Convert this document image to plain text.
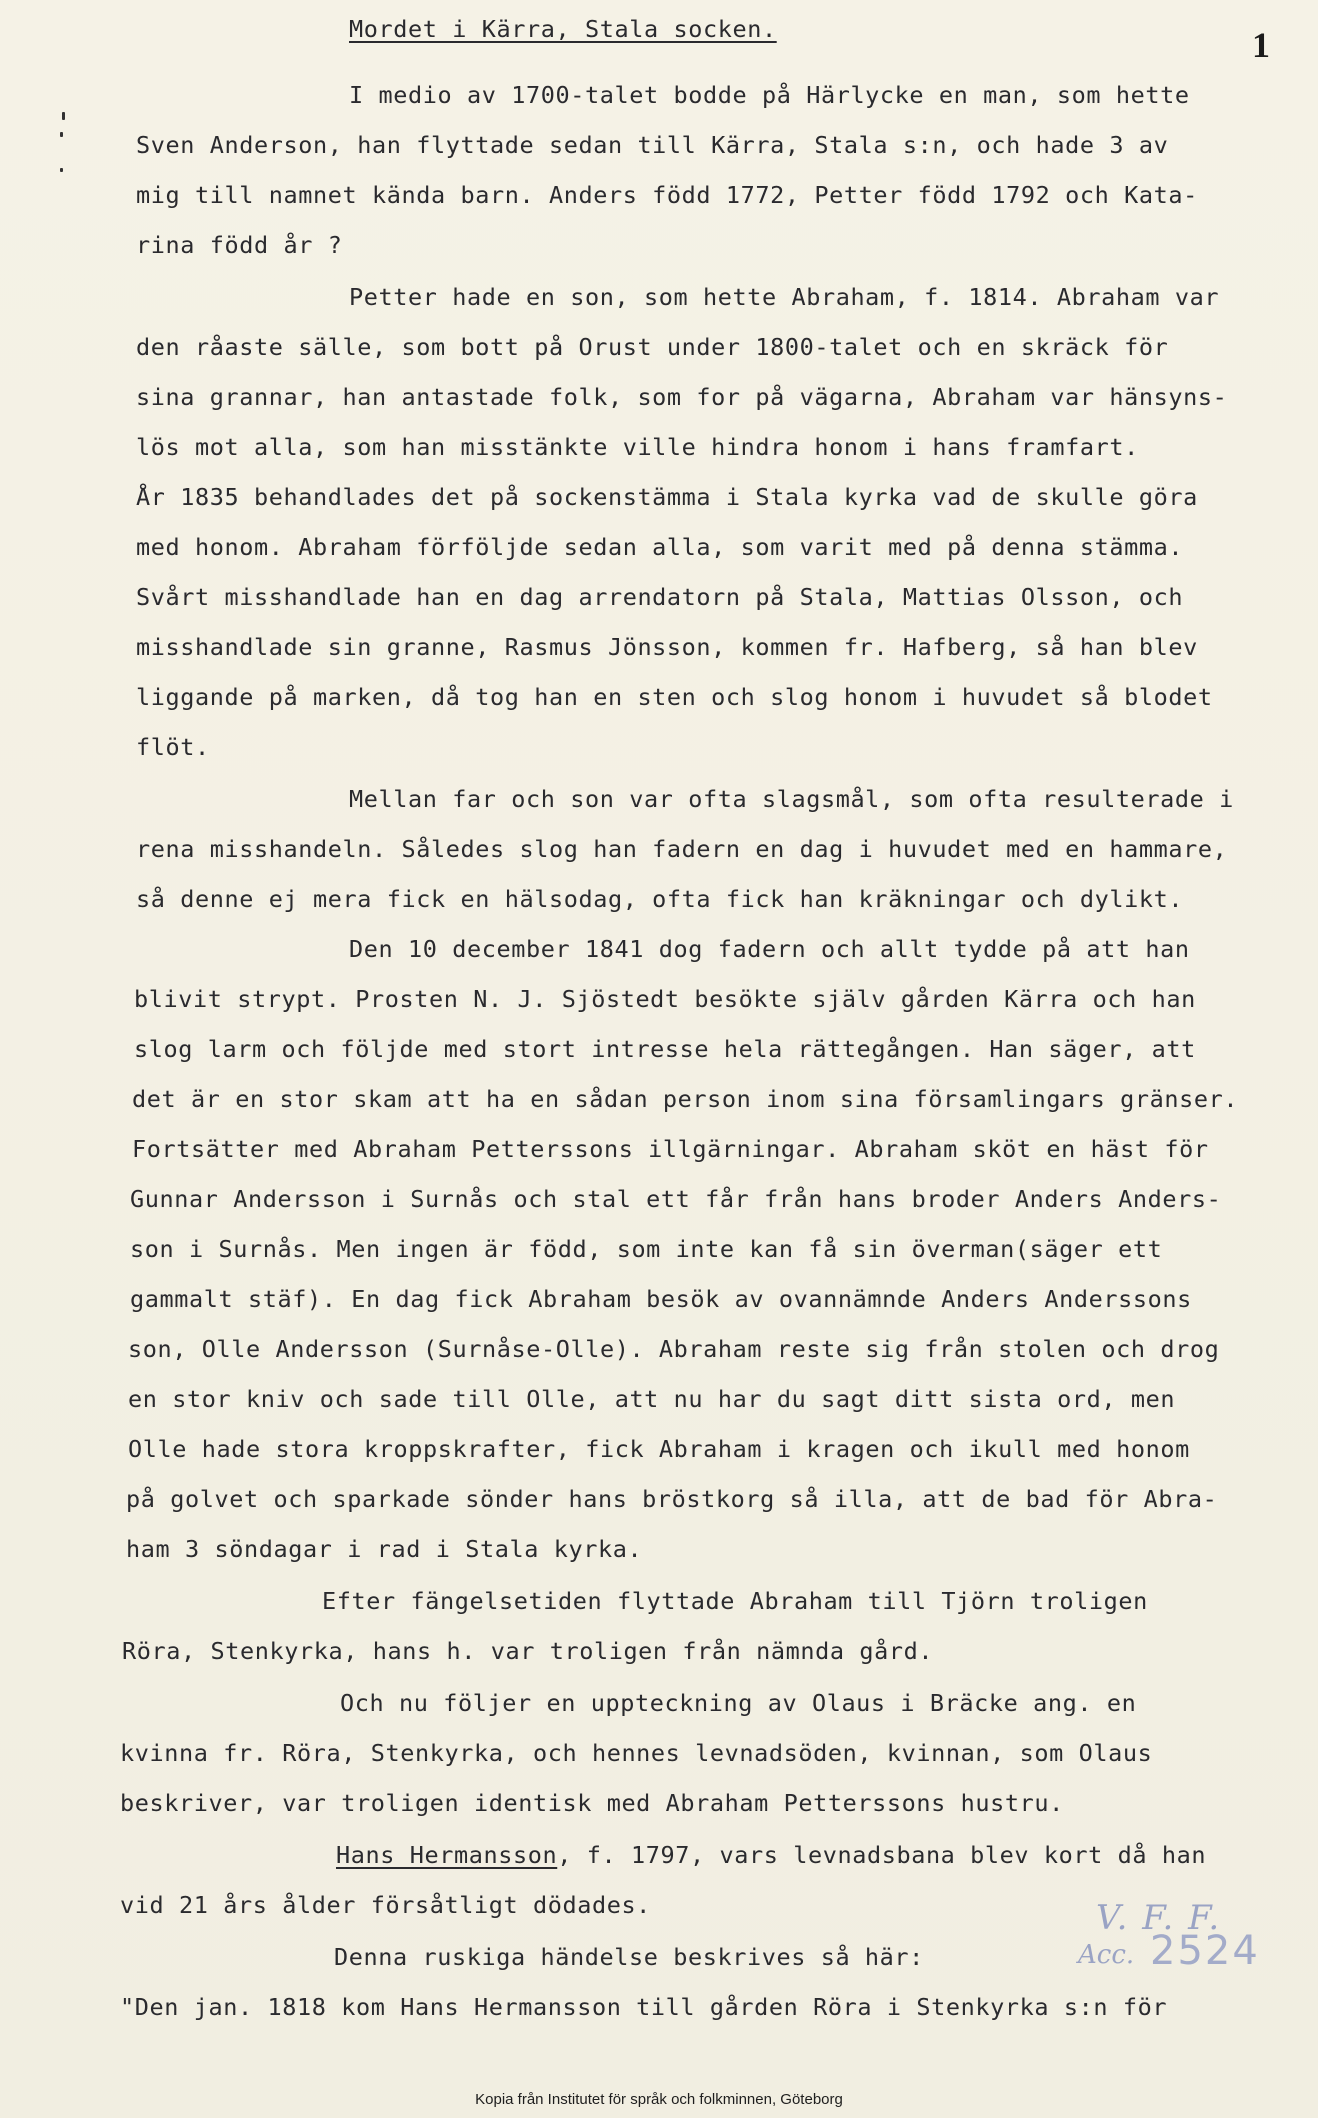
1
Mordet i Kärra, Stala socken.
I medio av 1700-talet bodde på Härlycke en man, som hette
Sven Anderson, han flyttade sedan till Kärra, Stala s:n, och hade 3 av
mig till namnet kända barn. Anders född 1772, Petter född 1792 och Kata-
rina född år ?
Petter hade en son, som hette Abraham, f. 1814. Abraham var
den råaste sälle, som bott på Orust under 1800-talet och en skräck för
sina grannar, han antastade folk, som for på vägarna, Abraham var hänsyns-
lös mot alla, som han misstänkte ville hindra honom i hans framfart.
År 1835 behandlades det på sockenstämma i Stala kyrka vad de skulle göra
med honom. Abraham förföljde sedan alla, som varit med på denna stämma.
Svårt misshandlade han en dag arrendatorn på Stala, Mattias Olsson, och
misshandlade sin granne, Rasmus Jönsson, kommen fr. Hafberg, så han blev
liggande på marken, då tog han en sten och slog honom i huvudet så blodet
flöt.
Mellan far och son var ofta slagsmål, som ofta resulterade i
rena misshandeln. Således slog han fadern en dag i huvudet med en hammare,
så denne ej mera fick en hälsodag, ofta fick han kräkningar och dylikt.
Den 10 december 1841 dog fadern och allt tydde på att han
blivit strypt. Prosten N. J. Sjöstedt besökte själv gården Kärra och han
slog larm och följde med stort intresse hela rättegången. Han säger, att
det är en stor skam att ha en sådan person inom sina församlingars gränser.
Fortsätter med Abraham Petterssons illgärningar. Abraham sköt en häst för
Gunnar Andersson i Surnås och stal ett får från hans broder Anders Anders-
son i Surnås. Men ingen är född, som inte kan få sin överman(säger ett
gammalt stäf). En dag fick Abraham besök av ovannämnde Anders Anderssons
son, Olle Andersson (Surnåse-Olle). Abraham reste sig från stolen och drog
en stor kniv och sade till Olle, att nu har du sagt ditt sista ord, men
Olle hade stora kroppskrafter, fick Abraham i kragen och ikull med honom
på golvet och sparkade sönder hans bröstkorg så illa, att de bad för Abra-
ham 3 söndagar i rad i Stala kyrka.
Efter fängelsetiden flyttade Abraham till Tjörn troligen
Röra, Stenkyrka, hans h. var troligen från nämnda gård.
Och nu följer en uppteckning av Olaus i Bräcke ang. en
kvinna fr. Röra, Stenkyrka, och hennes levnadsöden, kvinnan, som Olaus
beskriver, var troligen identisk med Abraham Petterssons hustru.
Hans Hermansson, f. 1797, vars levnadsbana blev kort då han
vid 21 års ålder försåtligt dödades.
Denna ruskiga händelse beskrives så här:
"Den jan. 1818 kom Hans Hermansson till gården Röra i Stenkyrka s:n för
V. F. F.
Acc. 2524
Kopia från Institutet för språk och folkminnen, Göteborg
